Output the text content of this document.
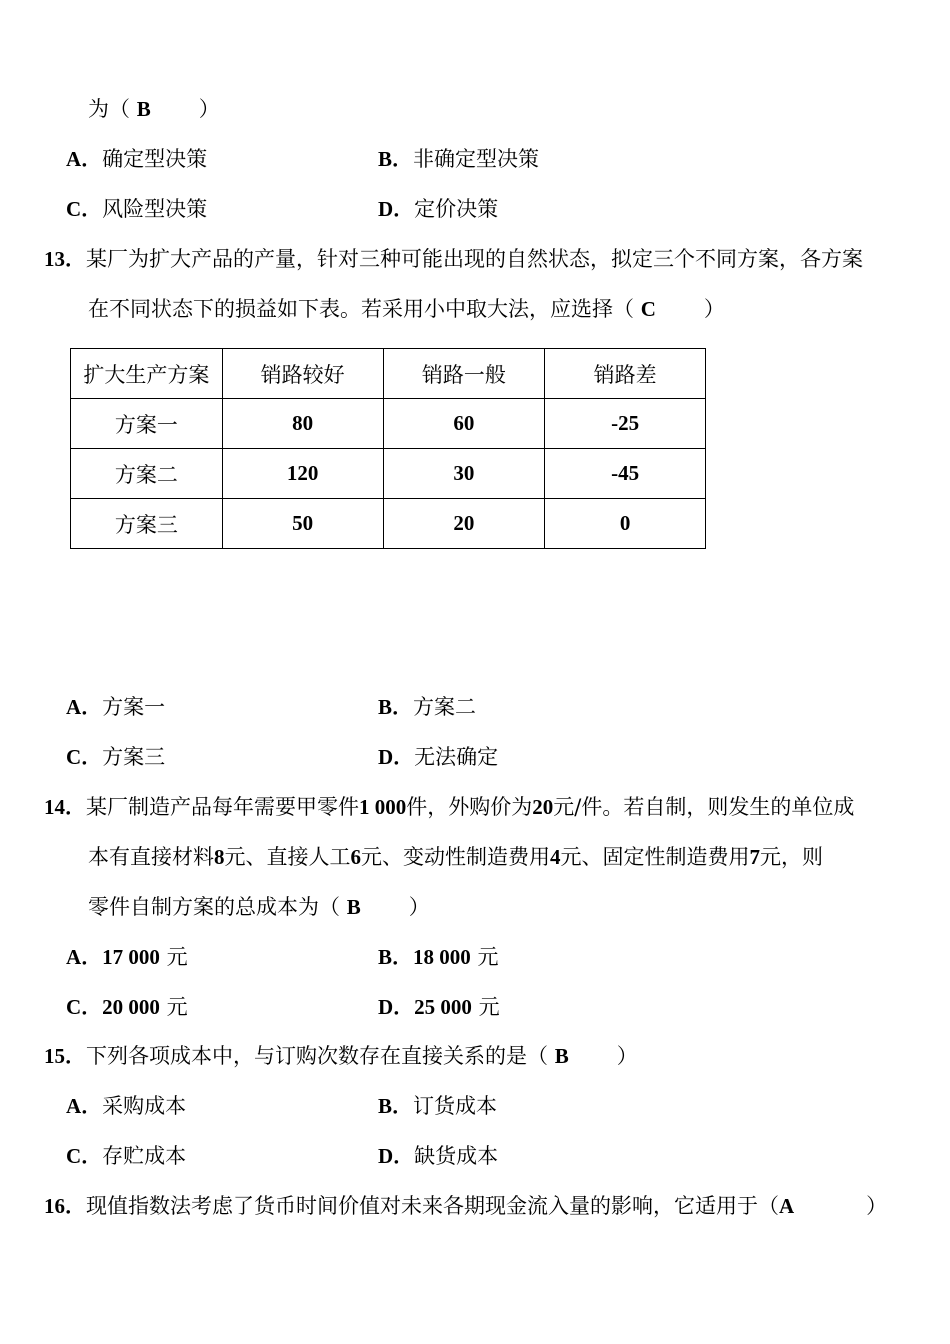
为（ B ）
A．确定型决策	B．非确定型决策
C．风险型决策	D．定价决策
13．某厂为扩大产品的产量，针对三种可能出现的自然状态，拟定三个不同方案，各方案
在不同状态下的损益如下表。若采用小中取大法，应选择（ C ）
扩大生产方案	销路较好	销路一般	销路差
方案一	80	60	-25
方案二	120	30	-45
方案三	50	20	0
A．方案一	B．方案二
C．方案三	D．无法确定
14．某厂制造产品每年需要甲零件1 000件，外购价为20元/件。若自制，则发生的单位成
本有直接材料8元、直接人工6元、变动性制造费用4元、固定性制造费用7元，则
零件自制方案的总成本为（ B ）
A．17 000 元	B．18 000 元
C．20 000 元	D．25 000 元
15．下列各项成本中，与订购次数存在直接关系的是（ B ）
A．采购成本	B．订货成本
C．存贮成本	D．缺货成本
16．现值指数法考虑了货币时间价值对未来各期现金流入量的影响，它适用于（A	）
